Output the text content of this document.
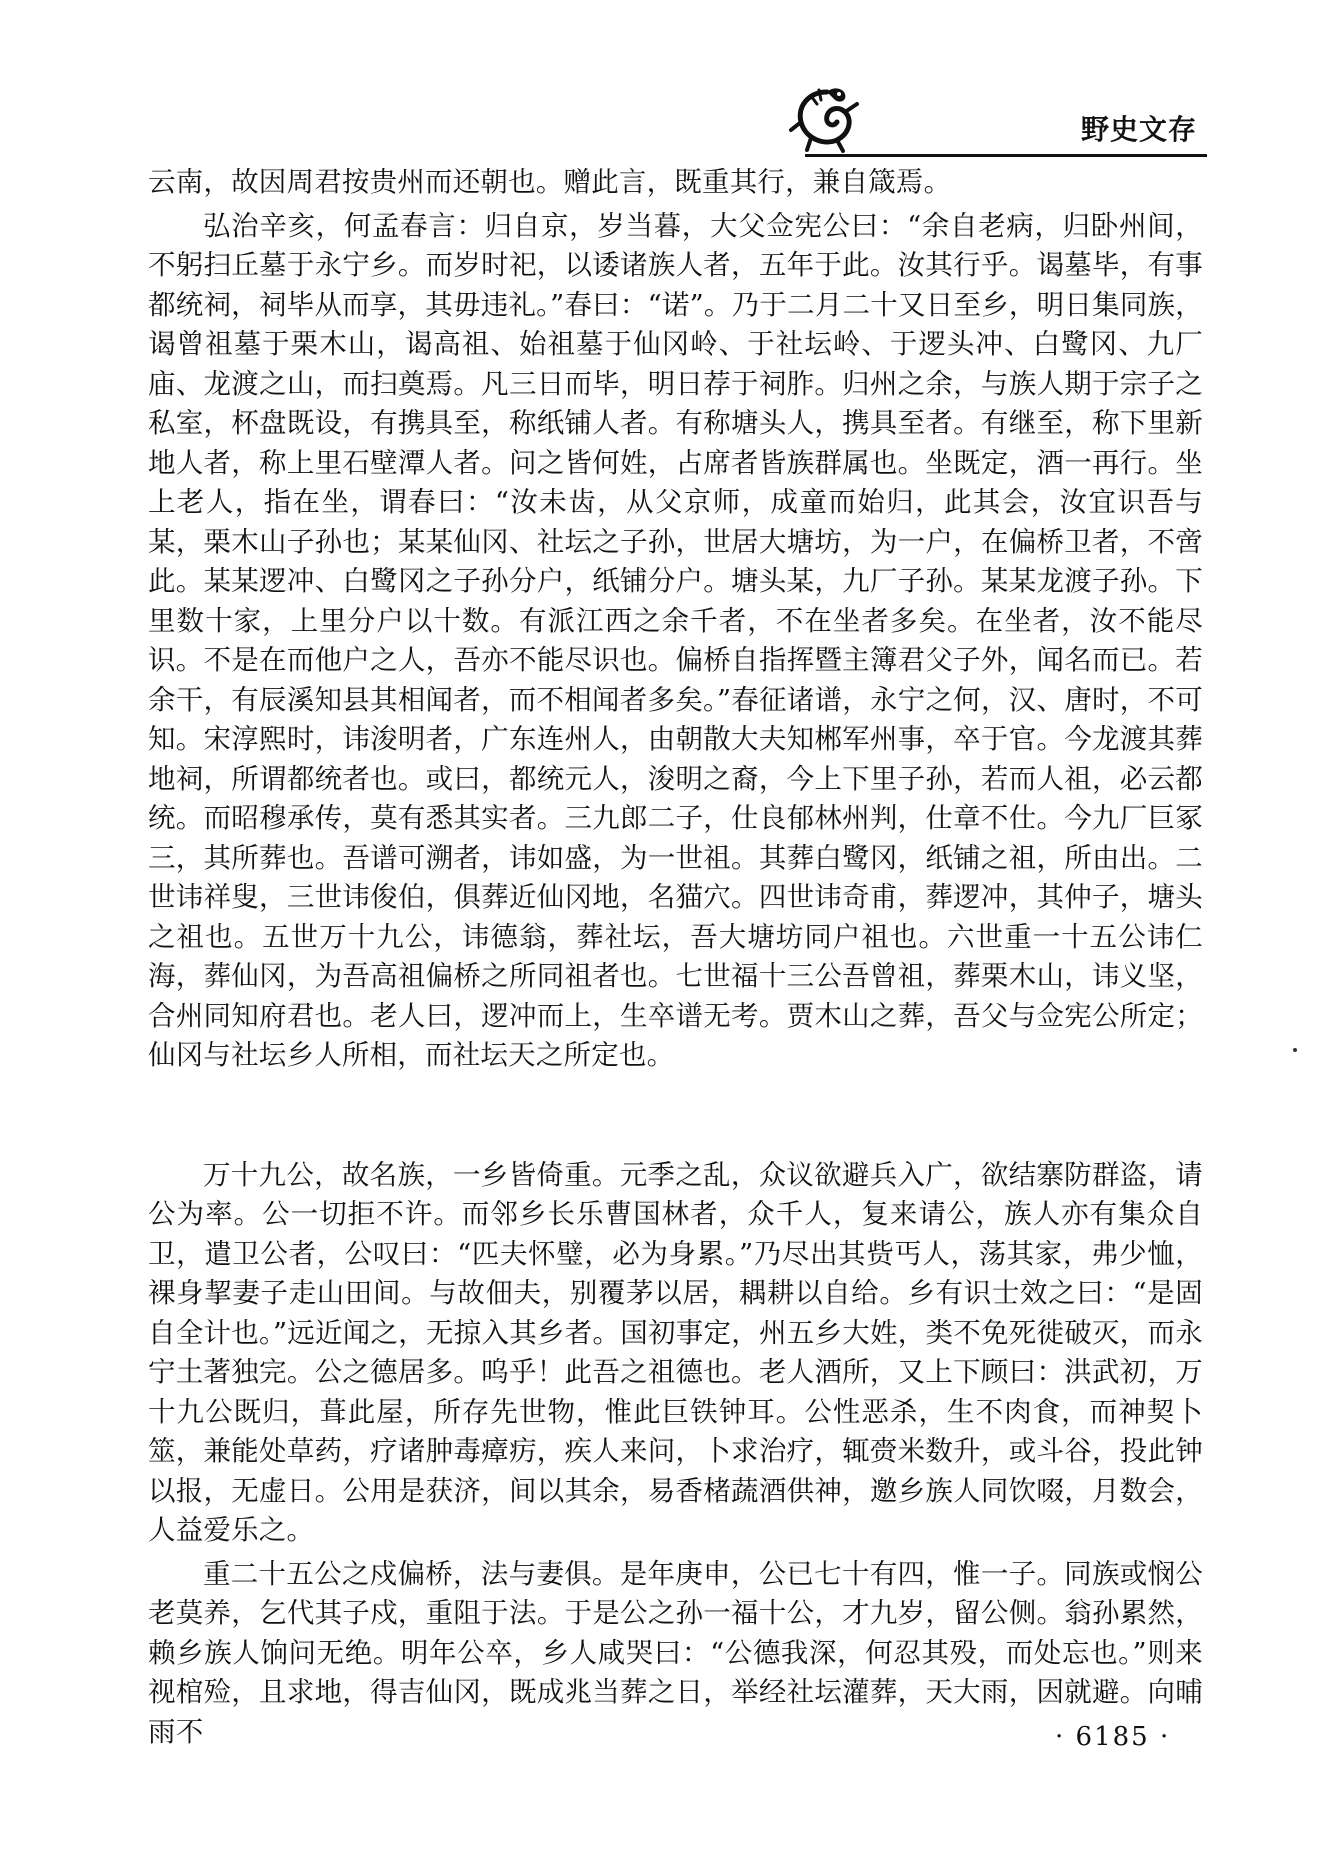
野史文存

云南，故因周君按贵州而还朝也。赠此言，既重其行，兼自箴焉。

弘治辛亥，何孟春言：归自京，岁当暮，大父佥宪公曰：“余自老病，归卧州间，不躬扫丘墓于永宁乡。而岁时祀，以诿诸族人者，五年于此。汝其行乎。谒墓毕，有事都统祠，祠毕从而享，其毋违礼。”春曰：“诺”。乃于二月二十又日至乡，明日集同族，谒曾祖墓于栗木山，谒高祖、始祖墓于仙冈岭、于社坛岭、于逻头冲、白鹭冈、九厂庙、龙渡之山，而扫奠焉。凡三日而毕，明日荐于祠胙。归州之余，与族人期于宗子之私室，杯盘既设，有携具至，称纸铺人者。有称塘头人，携具至者。有继至，称下里新地人者，称上里石壁潭人者。问之皆何姓，占席者皆族群属也。坐既定，酒一再行。坐上老人，指在坐，谓春曰：“汝未齿，从父京师，成童而始归，此其会，汝宜识吾与某，栗木山子孙也；某某仙冈、社坛之子孙，世居大塘坊，为一户，在偏桥卫者，不啻此。某某逻冲、白鹭冈之子孙分户，纸铺分户。塘头某，九厂子孙。某某龙渡子孙。下里数十家，上里分户以十数。有派江西之余千者，不在坐者多矣。在坐者，汝不能尽识。不是在而他户之人，吾亦不能尽识也。偏桥自指挥暨主簿君父子外，闻名而已。若余干，有辰溪知县其相闻者，而不相闻者多矣。”春征诸谱，永宁之何，汉、唐时，不可知。宋淳熙时，讳浚明者，广东连州人，由朝散大夫知郴军州事，卒于官。今龙渡其葬地祠，所谓都统者也。或曰，都统元人，浚明之裔，今上下里子孙，若而人祖，必云都统。而昭穆承传，莫有悉其实者。三九郎二子，仕良郁林州判，仕章不仕。今九厂巨冢三，其所葬也。吾谱可溯者，讳如盛，为一世祖。其葬白鹭冈，纸铺之祖，所由出。二世讳祥叟，三世讳俊伯，俱葬近仙冈地，名猫穴。四世讳奇甫，葬逻冲，其仲子，塘头之祖也。五世万十九公，讳德翁，葬社坛，吾大塘坊同户祖也。六世重一十五公讳仁海，葬仙冈，为吾高祖偏桥之所同祖者也。七世福十三公吾曾祖，葬栗木山，讳义坚，合州同知府君也。老人曰，逻冲而上，生卒谱无考。贾木山之葬，吾父与佥宪公所定；仙冈与社坛乡人所相，而社坛天之所定也。

万十九公，故名族，一乡皆倚重。元季之乱，众议欲避兵入广，欲结寨防群盗，请公为率。公一切拒不许。而邻乡长乐曹国林者，众千人，复来请公，族人亦有集众自卫，遣卫公者，公叹曰：“匹夫怀璧，必为身累。”乃尽出其赀丐人，荡其家，弗少恤，裸身挈妻子走山田间。与故佃夫，别覆茅以居，耦耕以自给。乡有识士效之曰：“是固自全计也。”远近闻之，无掠入其乡者。国初事定，州五乡大姓，类不免死徙破灭，而永宁土著独完。公之德居多。呜乎！此吾之祖德也。老人酒所，又上下顾曰：洪武初，万十九公既归，葺此屋，所存先世物，惟此巨铁钟耳。公性恶杀，生不肉食，而神契卜筮，兼能处草药，疗诸肿毒瘴疠，疾人来问，卜求治疗，辄赍米数升，或斗谷，投此钟以报，无虚日。公用是获济，间以其余，易香楮蔬酒供神，邀乡族人同饮啜，月数会，人益爱乐之。

重二十五公之戍偏桥，法与妻俱。是年庚申，公已七十有四，惟一子。同族或悯公老莫养，乞代其子戍，重阻于法。于是公之孙一福十公，才九岁，留公侧。翁孙累然，赖乡族人饷问无绝。明年公卒，乡人咸哭曰：“公德我深，何忍其殁，而处忘也。”则来视棺殓，且求地，得吉仙冈，既成兆当葬之日，举经社坛灌葬，天大雨，因就避。向晡雨不	· 6185 ·
